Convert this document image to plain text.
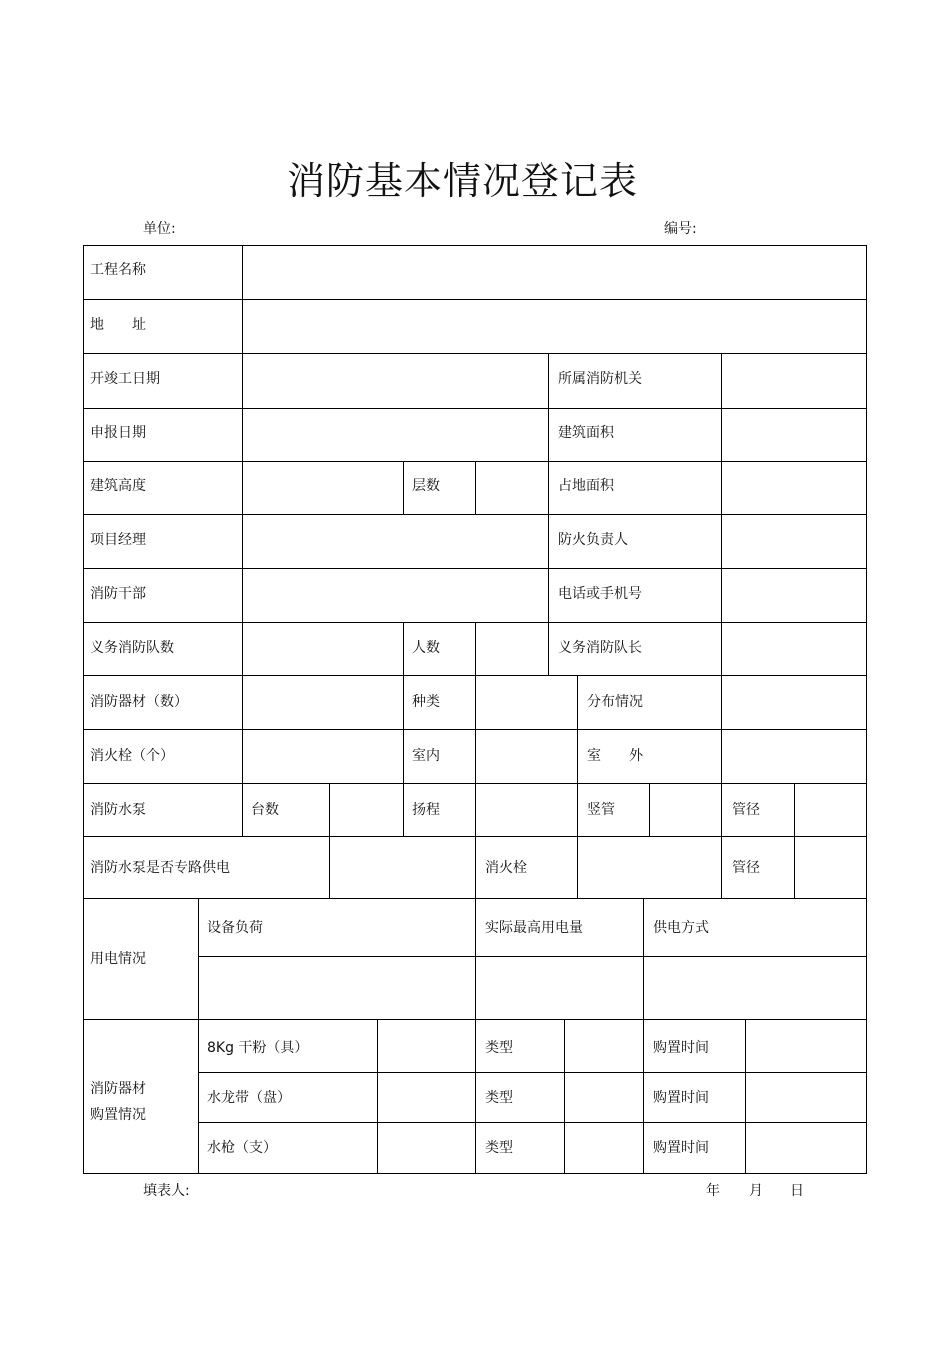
消防基本情况登记表
单位:	编号:
工程名称
地　　址
开竣工日期	所属消防机关
申报日期	建筑面积
建筑高度	层数	占地面积
项目经理	防火负责人
消防干部	电话或手机号
义务消防队数	人数	义务消防队长
消防器材（数）	种类	分布情况
消火栓（个）	室内	室　　外
消防水泵	台数	扬程	竖管	管径
消防水泵是否专路供电	消火栓	管径
用电情况
设备负荷	实际最高用电量	供电方式
消防器材
购置情况
8Kg 干粉（具）	类型	购置时间
水龙带（盘）	类型	购置时间
水枪（支）	类型	购置时间
填表人:	年 月 日
